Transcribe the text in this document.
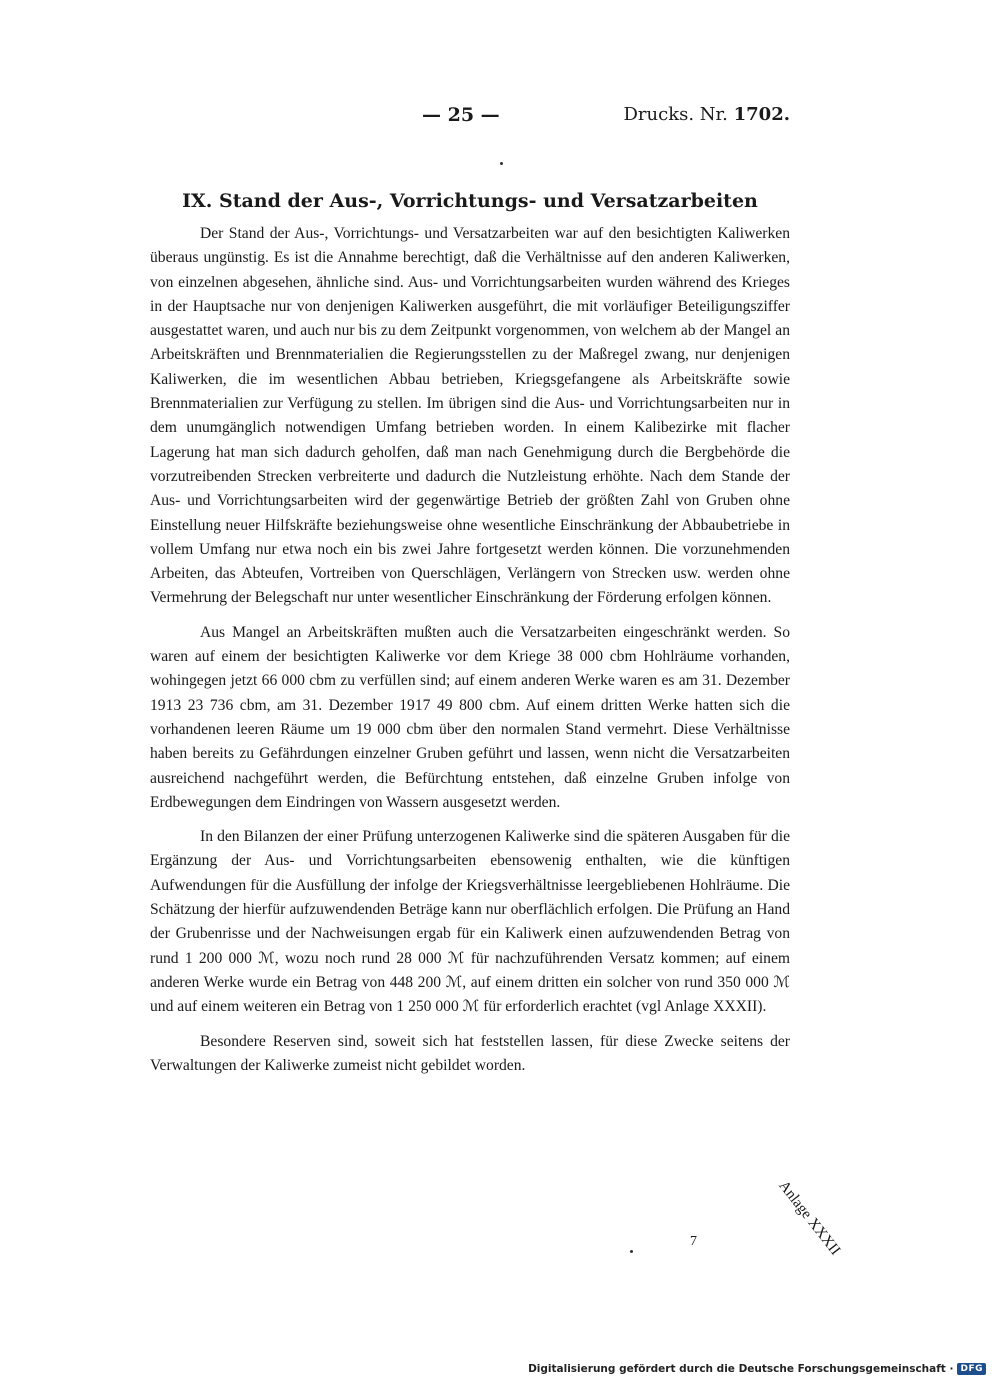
— 25 —	Drucks. Nr. 1702.
IX. Stand der Aus-, Vorrichtungs- und Versatzarbeiten

Der Stand der Aus-, Vorrichtungs- und Versatzarbeiten war auf den besichtigten Kaliwerken überaus ungünstig. Es ist die Annahme berechtigt, daß die Verhältnisse auf den anderen Kaliwerken, von einzelnen abgesehen, ähnliche sind. Aus- und Vorrichtungsarbeiten wurden während des Krieges in der Hauptsache nur von denjenigen Kaliwerken ausgeführt, die mit vorläufiger Beteiligungsziffer ausgestattet waren, und auch nur bis zu dem Zeitpunkt vorgenommen, von welchem ab der Mangel an Arbeitskräften und Brennmaterialien die Regierungsstellen zu der Maßregel zwang, nur denjenigen Kaliwerken, die im wesentlichen Abbau betrieben, Kriegsgefangene als Arbeitskräfte sowie Brennmaterialien zur Verfügung zu stellen. Im übrigen sind die Aus- und Vorrichtungsarbeiten nur in dem unumgänglich notwendigen Umfang betrieben worden. In einem Kalibezirke mit flacher Lagerung hat man sich dadurch geholfen, daß man nach Genehmigung durch die Bergbehörde die vorzutreibenden Strecken verbreiterte und dadurch die Nutzleistung erhöhte. Nach dem Stande der Aus- und Vorrichtungsarbeiten wird der gegenwärtige Betrieb der größten Zahl von Gruben ohne Einstellung neuer Hilfskräfte beziehungsweise ohne wesentliche Einschränkung der Abbaubetriebe in vollem Umfang nur etwa noch ein bis zwei Jahre fortgesetzt werden können. Die vorzunehmenden Arbeiten, das Abteufen, Vortreiben von Querschlägen, Verlängern von Strecken usw. werden ohne Vermehrung der Belegschaft nur unter wesentlicher Einschränkung der Förderung erfolgen können.

Aus Mangel an Arbeitskräften mußten auch die Versatzarbeiten eingeschränkt werden. So waren auf einem der besichtigten Kaliwerke vor dem Kriege 38 000 cbm Hohlräume vorhanden, wohingegen jetzt 66 000 cbm zu verfüllen sind; auf einem anderen Werke waren es am 31. Dezember 1913 23 736 cbm, am 31. Dezember 1917 49 800 cbm. Auf einem dritten Werke hatten sich die vorhandenen leeren Räume um 19 000 cbm über den normalen Stand vermehrt. Diese Verhältnisse haben bereits zu Gefährdungen einzelner Gruben geführt und lassen, wenn nicht die Versatzarbeiten ausreichend nachgeführt werden, die Befürchtung entstehen, daß einzelne Gruben infolge von Erdbewegungen dem Eindringen von Wassern ausgesetzt werden.

In den Bilanzen der einer Prüfung unterzogenen Kaliwerke sind die späteren Ausgaben für die Ergänzung der Aus- und Vorrichtungsarbeiten ebensowenig enthalten, wie die künftigen Aufwendungen für die Ausfüllung der infolge der Kriegsverhältnisse leergebliebenen Hohlräume. Die Schätzung der hierfür aufzuwendenden Beträge kann nur oberflächlich erfolgen. Die Prüfung an Hand der Grubenrisse und der Nachweisungen ergab für ein Kaliwerk einen aufzuwendenden Betrag von rund 1 200 000 ℳ, wozu noch rund 28 000 ℳ für nachzuführenden Versatz kommen; auf einem anderen Werke wurde ein Betrag von 448 200 ℳ, auf einem dritten ein solcher von rund 350 000 ℳ und auf einem weiteren ein Betrag von 1 250 000 ℳ für erforderlich erachtet (vgl Anlage XXXII).

Besondere Reserven sind, soweit sich hat feststellen lassen, für diese Zwecke seitens der Verwaltungen der Kaliwerke zumeist nicht gebildet worden.

Anlage XXXII
7
Digitalisierung gefördert durch die Deutsche Forschungsgemeinschaft · DFG
